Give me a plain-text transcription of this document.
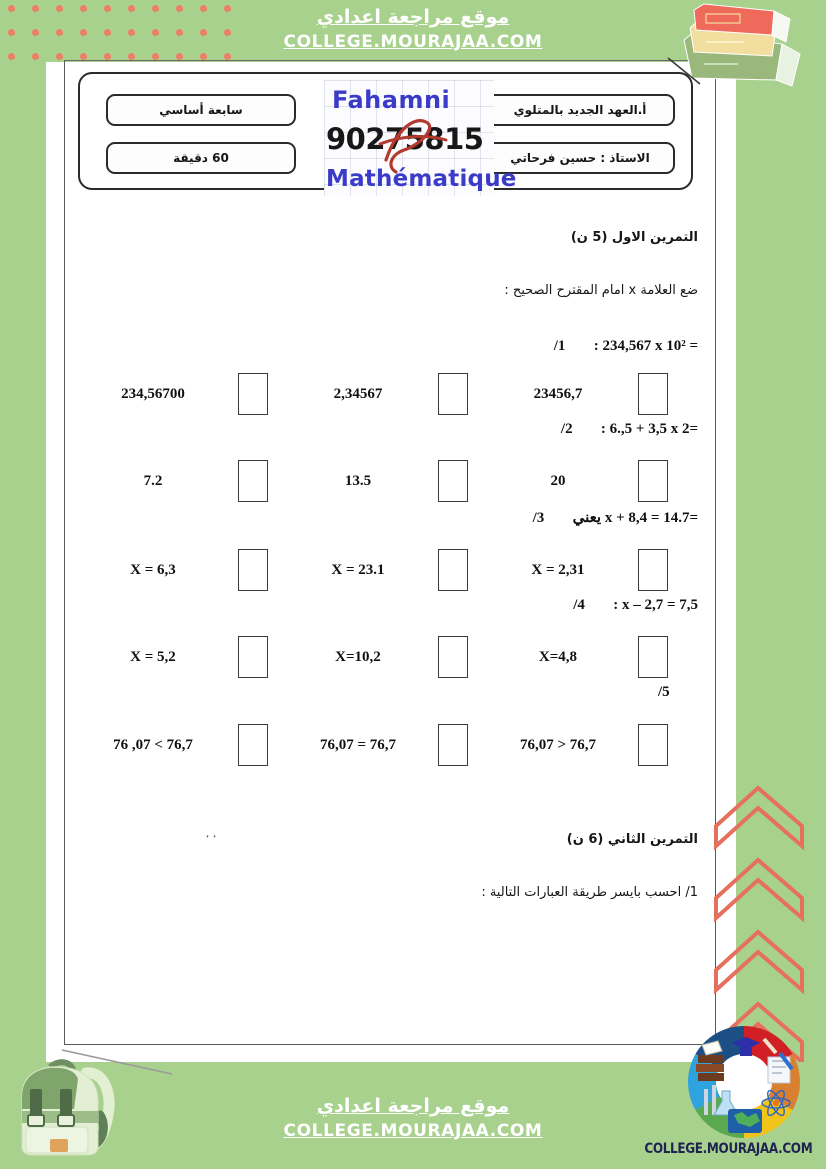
موقع مراجعة اعدادي
COLLEGE.MOURAJAA.COM
سابعة أساسي
60 دقيقة
أ.العهد الجديد بالمتلوي
الاستاذ : حسين فرحاتي
Fahamni
90275815
Mathématique
التمرين الاول (5 ن)
ضع العلامة x امام المقترح الصحيح :
: 234,567 x 10² =/1
234,56700	2,34567	23456,7
: 6.,5 + 3,5 x 2=/2
7.2	13.5	20
يعني x + 8,4 = 14.7=/3
X = 6,3	X = 23.1	X = 2,31
: x – 2,7 = 7,5/4
X = 5,2	X=10,2	X=4,8
/5
76 ,07 < 76,7	76,07 = 76,7	76,07 > 76,7
التمرين الثاني (6 ن)
٠٠
1/ احسب بايسر طريقة العبارات التالية :
موقع مراجعة اعدادي
COLLEGE.MOURAJAA.COM
COLLEGE.MOURAJAA.COM
